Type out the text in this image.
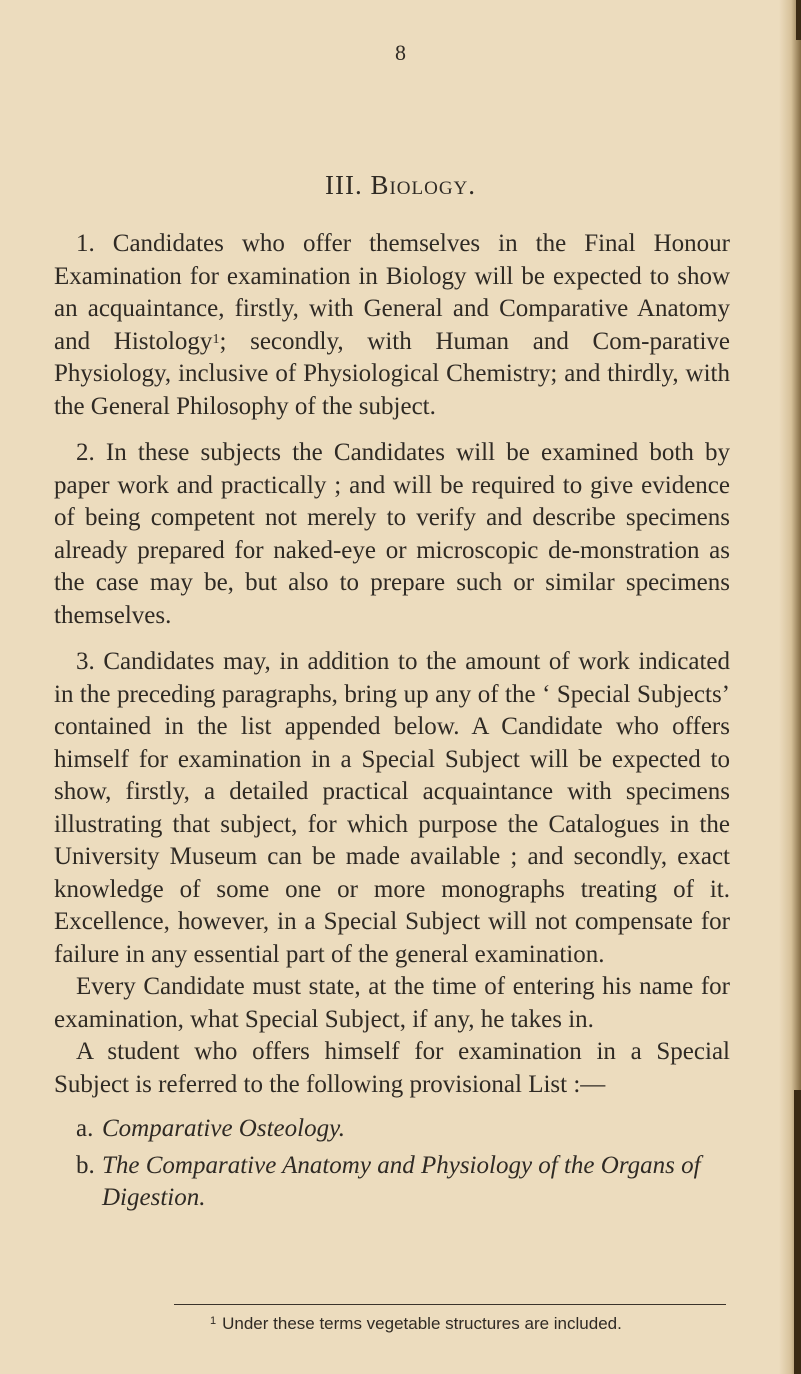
8
III. Biology.

1. Candidates who offer themselves in the Final Honour Examination for examination in Biology will be expected to show an acquaintance, firstly, with General and Comparative Anatomy and Histology$^1$; secondly, with Human and Com-parative Physiology, inclusive of Physiological Chemistry; and thirdly, with the General Philosophy of the subject.

2. In these subjects the Candidates will be examined both by paper work and practically ; and will be required to give evidence of being competent not merely to verify and describe specimens already prepared for naked-eye or microscopic de-monstration as the case may be, but also to prepare such or similar specimens themselves.

3. Candidates may, in addition to the amount of work indicated in the preceding paragraphs, bring up any of the ‘ Special Subjects’ contained in the list appended below. A Candidate who offers himself for examination in a Special Subject will be expected to show, firstly, a detailed practical acquaintance with specimens illustrating that subject, for which purpose the Catalogues in the University Museum can be made available ; and secondly, exact knowledge of some one or more monographs treating of it. Excellence, however, in a Special Subject will not compensate for failure in any essential part of the general examination.

Every Candidate must state, at the time of entering his name for examination, what Special Subject, if any, he takes in.

A student who offers himself for examination in a Special Subject is referred to the following provisional List :—

a. Comparative Osteology.
b. The Comparative Anatomy and Physiology of the Organs of Digestion.
$^1$ Under these terms vegetable structures are included.
